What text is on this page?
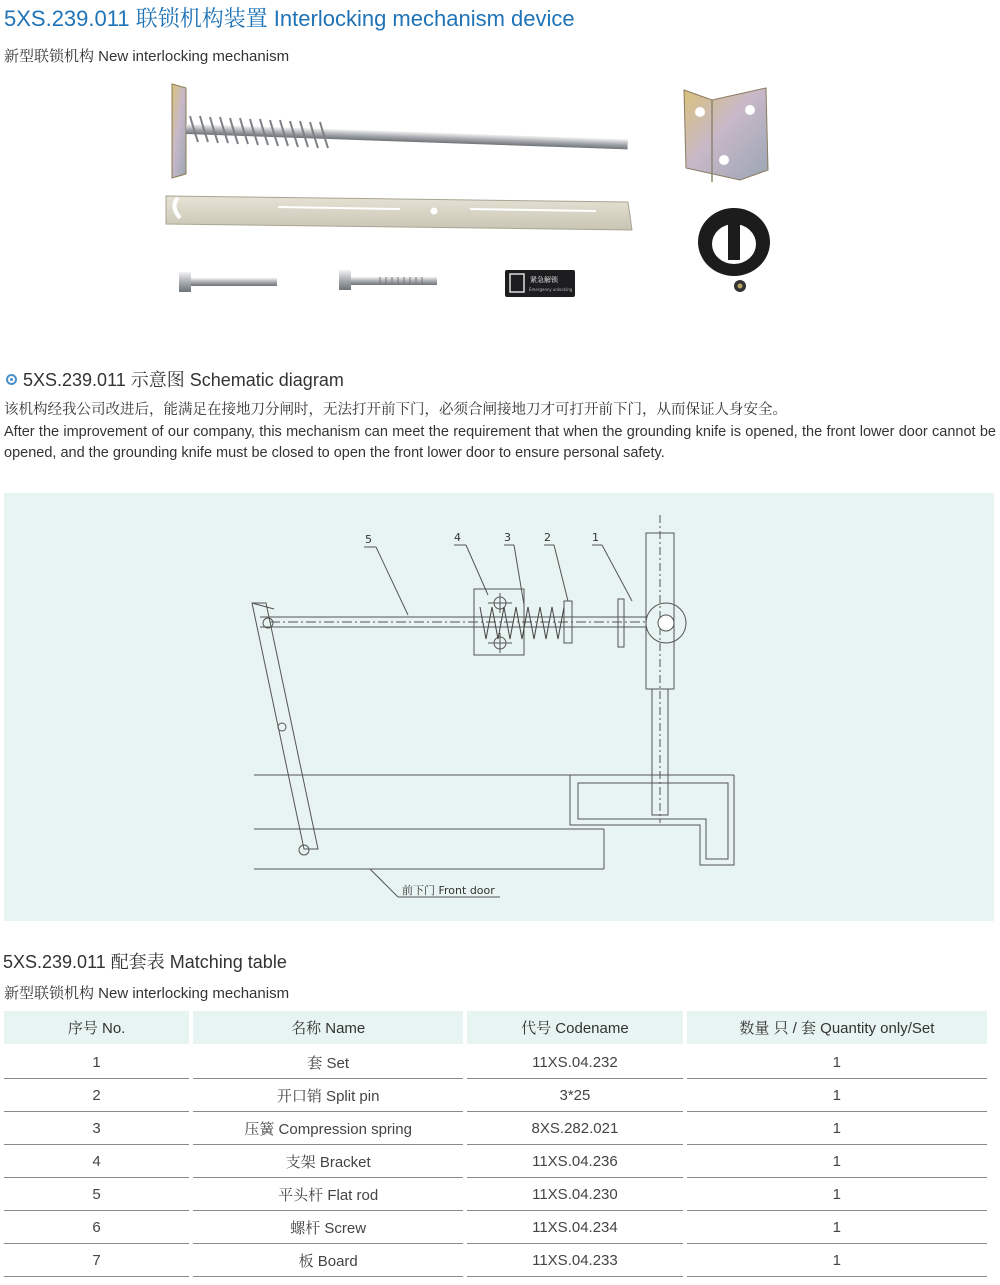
5XS.239.011 联锁机构装置 Interlocking mechanism device
新型联锁机构 New interlocking mechanism
紧急解锁
Emergency unlocking
5XS.239.011 示意图 Schematic diagram
该机构经我公司改进后，能满足在接地刀分闸时，无法打开前下门，必须合闸接地刀才可打开前下门，从而保证人身安全。
After the improvement of our company, this mechanism can meet the requirement that when the grounding knife is opened, the front lower door cannot be opened, and the grounding knife must be closed to open the front lower door to ensure personal safety.
5	4	3	2	1
前下门 Front door
5XS.239.011 配套表 Matching table
新型联锁机构 New interlocking mechanism
序号 No.	名称 Name	代号 Codename	数量 只 / 套 Quantity only/Set
1	套 Set	11XS.04.232	1
2	开口销 Split pin	3*25	1
3	压簧 Compression spring	8XS.282.021	1
4	支架 Bracket	11XS.04.236	1
5	平头杆 Flat rod	11XS.04.230	1
6	螺杆 Screw	11XS.04.234	1
7	板 Board	11XS.04.233	1
